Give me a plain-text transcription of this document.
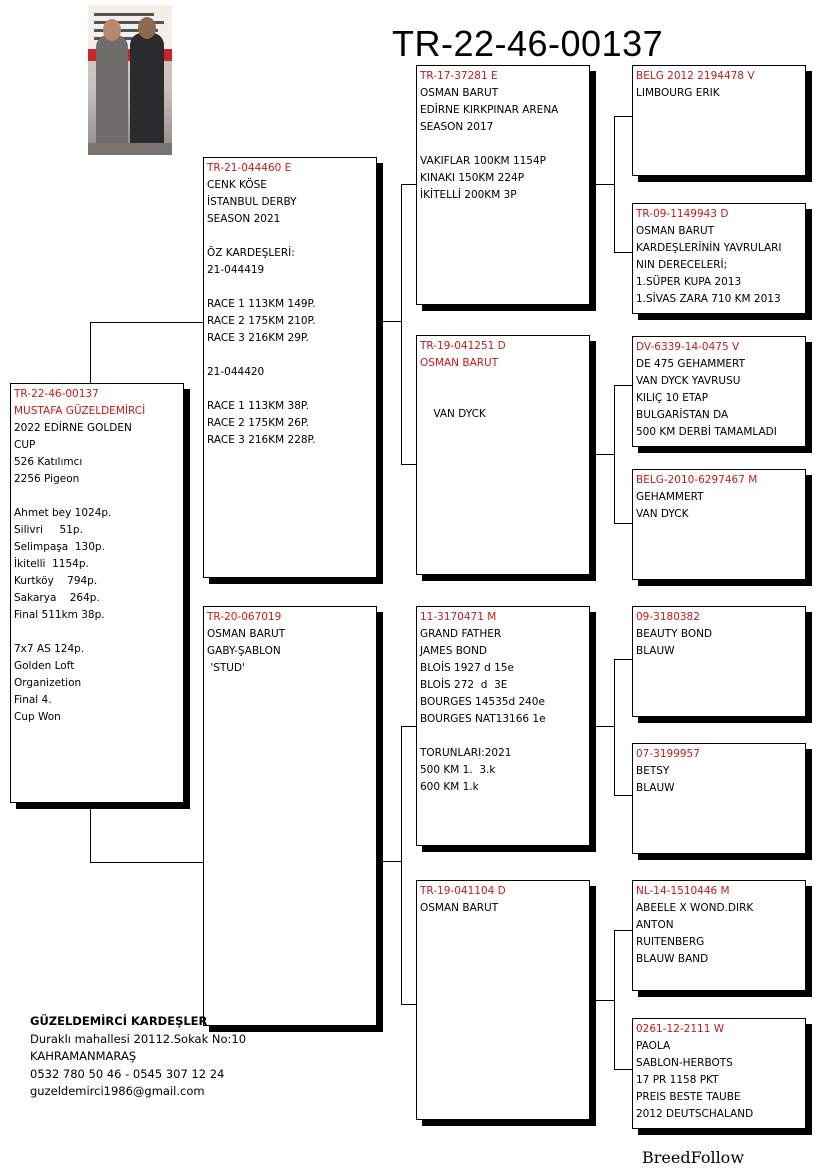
TR-22-46-00137
TR-22-46-00137
MUSTAFA GÜZELDEMİRCİ
2022 EDİRNE GOLDEN
CUP
526 Katılımcı
2256 Pigeon
Ahmet bey 1024p.
Silivri     51p.
Selimpaşa  130p.
İkitelli  1154p.
Kurtköy    794p.
Sakarya    264p.
Final 511km 38p.
7x7 AS 124p.
Golden Loft
Organizetion
Final 4.
Cup Won
TR-21-044460 E
CENK KÖSE
İSTANBUL DERBY
SEASON 2021
ÖZ KARDEŞLERİ:
21-044419
RACE 1 113KM 149P.
RACE 2 175KM 210P.
RACE 3 216KM 29P.
21-044420
RACE 1 113KM 38P.
RACE 2 175KM 26P.
RACE 3 216KM 228P.
TR-20-067019
OSMAN BARUT
GABY-ŞABLON
'STUD'
TR-17-37281 E
OSMAN BARUT
EDİRNE KIRKPINAR ARENA
SEASON 2017
VAKIFLAR 100KM 1154P
KINAKI 150KM 224P
İKİTELLİ 200KM 3P
TR-19-041251 D
OSMAN BARUT
VAN DYCK
11-3170471 M
GRAND FATHER
JAMES BOND
BLOİS 1927 d 15e
BLOİS 272  d  3E
BOURGES 14535d 240e
BOURGES NAT13166 1e
TORUNLARI:2021
500 KM 1.  3.k
600 KM 1.k
TR-19-041104 D
OSMAN BARUT
BELG 2012 2194478 V
LIMBOURG ERIK
TR-09-1149943 D
OSMAN BARUT
KARDEŞLERİNİN YAVRULARI
NIN DERECELERİ;
1.SÜPER KUPA 2013
1.SİVAS ZARA 710 KM 2013
DV-6339-14-0475 V
DE 475 GEHAMMERT
VAN DYCK YAVRUSU
KILIÇ 10 ETAP
BULGARİSTAN DA
500 KM DERBİ TAMAMLADI
BELG-2010-6297467 M
GEHAMMERT
VAN DYCK
09-3180382
BEAUTY BOND
BLAUW
07-3199957
BETSY
BLAUW
NL-14-1510446 M
ABEELE X WOND.DIRK
ANTON
RUITENBERG
BLAUW BAND
0261-12-2111 W
PAOLA
SABLON-HERBOTS
17 PR 1158 PKT
PREIS BESTE TAUBE
2012 DEUTSCHALAND
GÜZELDEMİRCİ KARDEŞLER
Duraklı mahallesi 20112.Sokak No:10
KAHRAMANMARAŞ
0532 780 50 46 - 0545 307 12 24
guzeldemirci1986@gmail.com
BreedFollow
